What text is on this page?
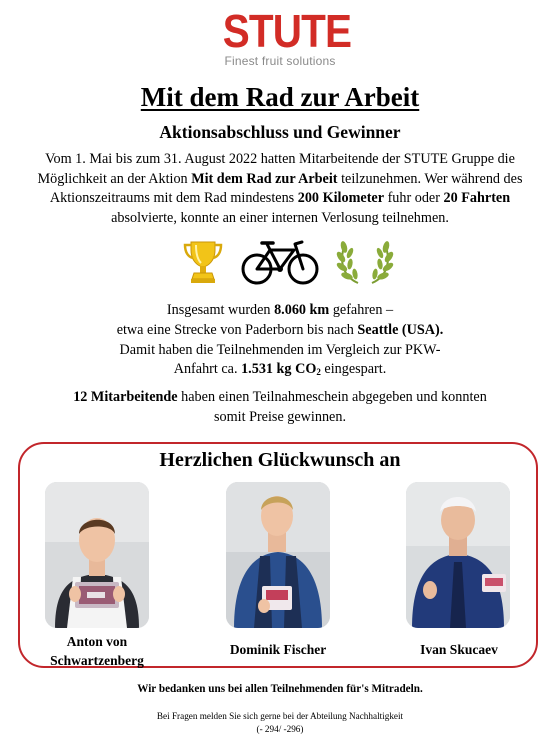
STUTE
Finest fruit solutions
Mit dem Rad zur Arbeit
Aktionsabschluss und Gewinner
Vom 1. Mai bis zum 31. August 2022 hatten Mitarbeitende der STUTE Gruppe die Möglichkeit an der Aktion Mit dem Rad zur Arbeit teilzunehmen. Wer während des Aktionszeitraums mit dem Rad mindestens 200 Kilometer fuhr oder 20 Fahrten absolvierte, konnte an einer internen Verlosung teilnehmen.
Insgesamt wurden 8.060 km gefahren –
etwa eine Strecke von Paderborn bis nach Seattle (USA).
Damit haben die Teilnehmenden im Vergleich zur PKW-
Anfahrt ca. 1.531 kg $CO_2$ eingespart.
12 Mitarbeitende haben einen Teilnahmeschein abgegeben und konnten somit Preise gewinnen.
Herzlichen Glückwunsch an
Anton von
Schwartzenberg
Dominik Fischer	Ivan Skucaev
Wir bedanken uns bei allen Teilnehmenden für's Mitradeln.
Bei Fragen melden Sie sich gerne bei der Abteilung Nachhaltigkeit
(- 294/ -296)
